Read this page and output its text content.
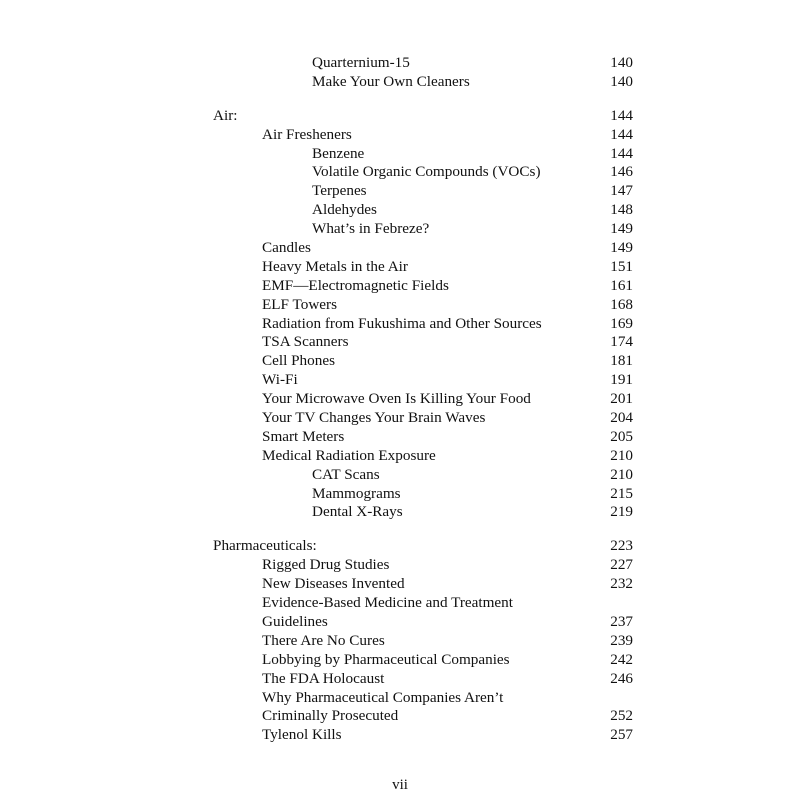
Quarternium-15	140
Make Your Own Cleaners	140
Air:	144
Air Fresheners	144
Benzene	144
Volatile Organic Compounds (VOCs)	146
Terpenes	147
Aldehydes	148
What’s in Febreze?	149
Candles	149
Heavy Metals in the Air	151
EMF—Electromagnetic Fields	161
ELF Towers	168
Radiation from Fukushima and Other Sources	169
TSA Scanners	174
Cell Phones	181
Wi-Fi	191
Your Microwave Oven Is Killing Your Food	201
Your TV Changes Your Brain Waves	204
Smart Meters	205
Medical Radiation Exposure	210
CAT Scans	210
Mammograms	215
Dental X-Rays	219
Pharmaceuticals:	223
Rigged Drug Studies	227
New Diseases Invented	232
Evidence-Based Medicine and Treatment
Guidelines	237
There Are No Cures	239
Lobbying by Pharmaceutical Companies	242
The FDA Holocaust	246
Why Pharmaceutical Companies Aren’t
Criminally Prosecuted	252
Tylenol Kills	257
vii
